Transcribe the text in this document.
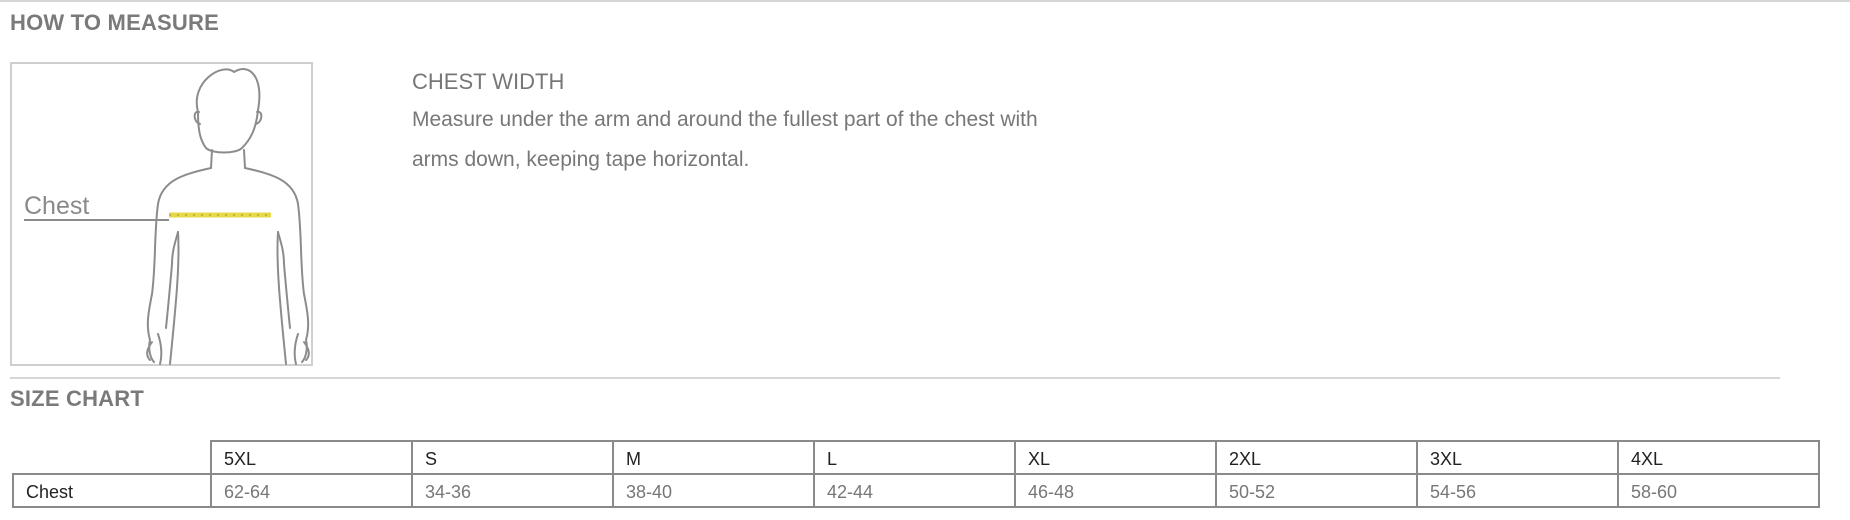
HOW TO MEASURE
Chest

CHEST WIDTH

Measure under the arm and around the fullest part of the chest with arms down, keeping tape horizontal.

SIZE CHART
	5XL	S	M	L	XL	2XL	3XL	4XL
Chest	62-64	34-36	38-40	42-44	46-48	50-52	54-56	58-60
